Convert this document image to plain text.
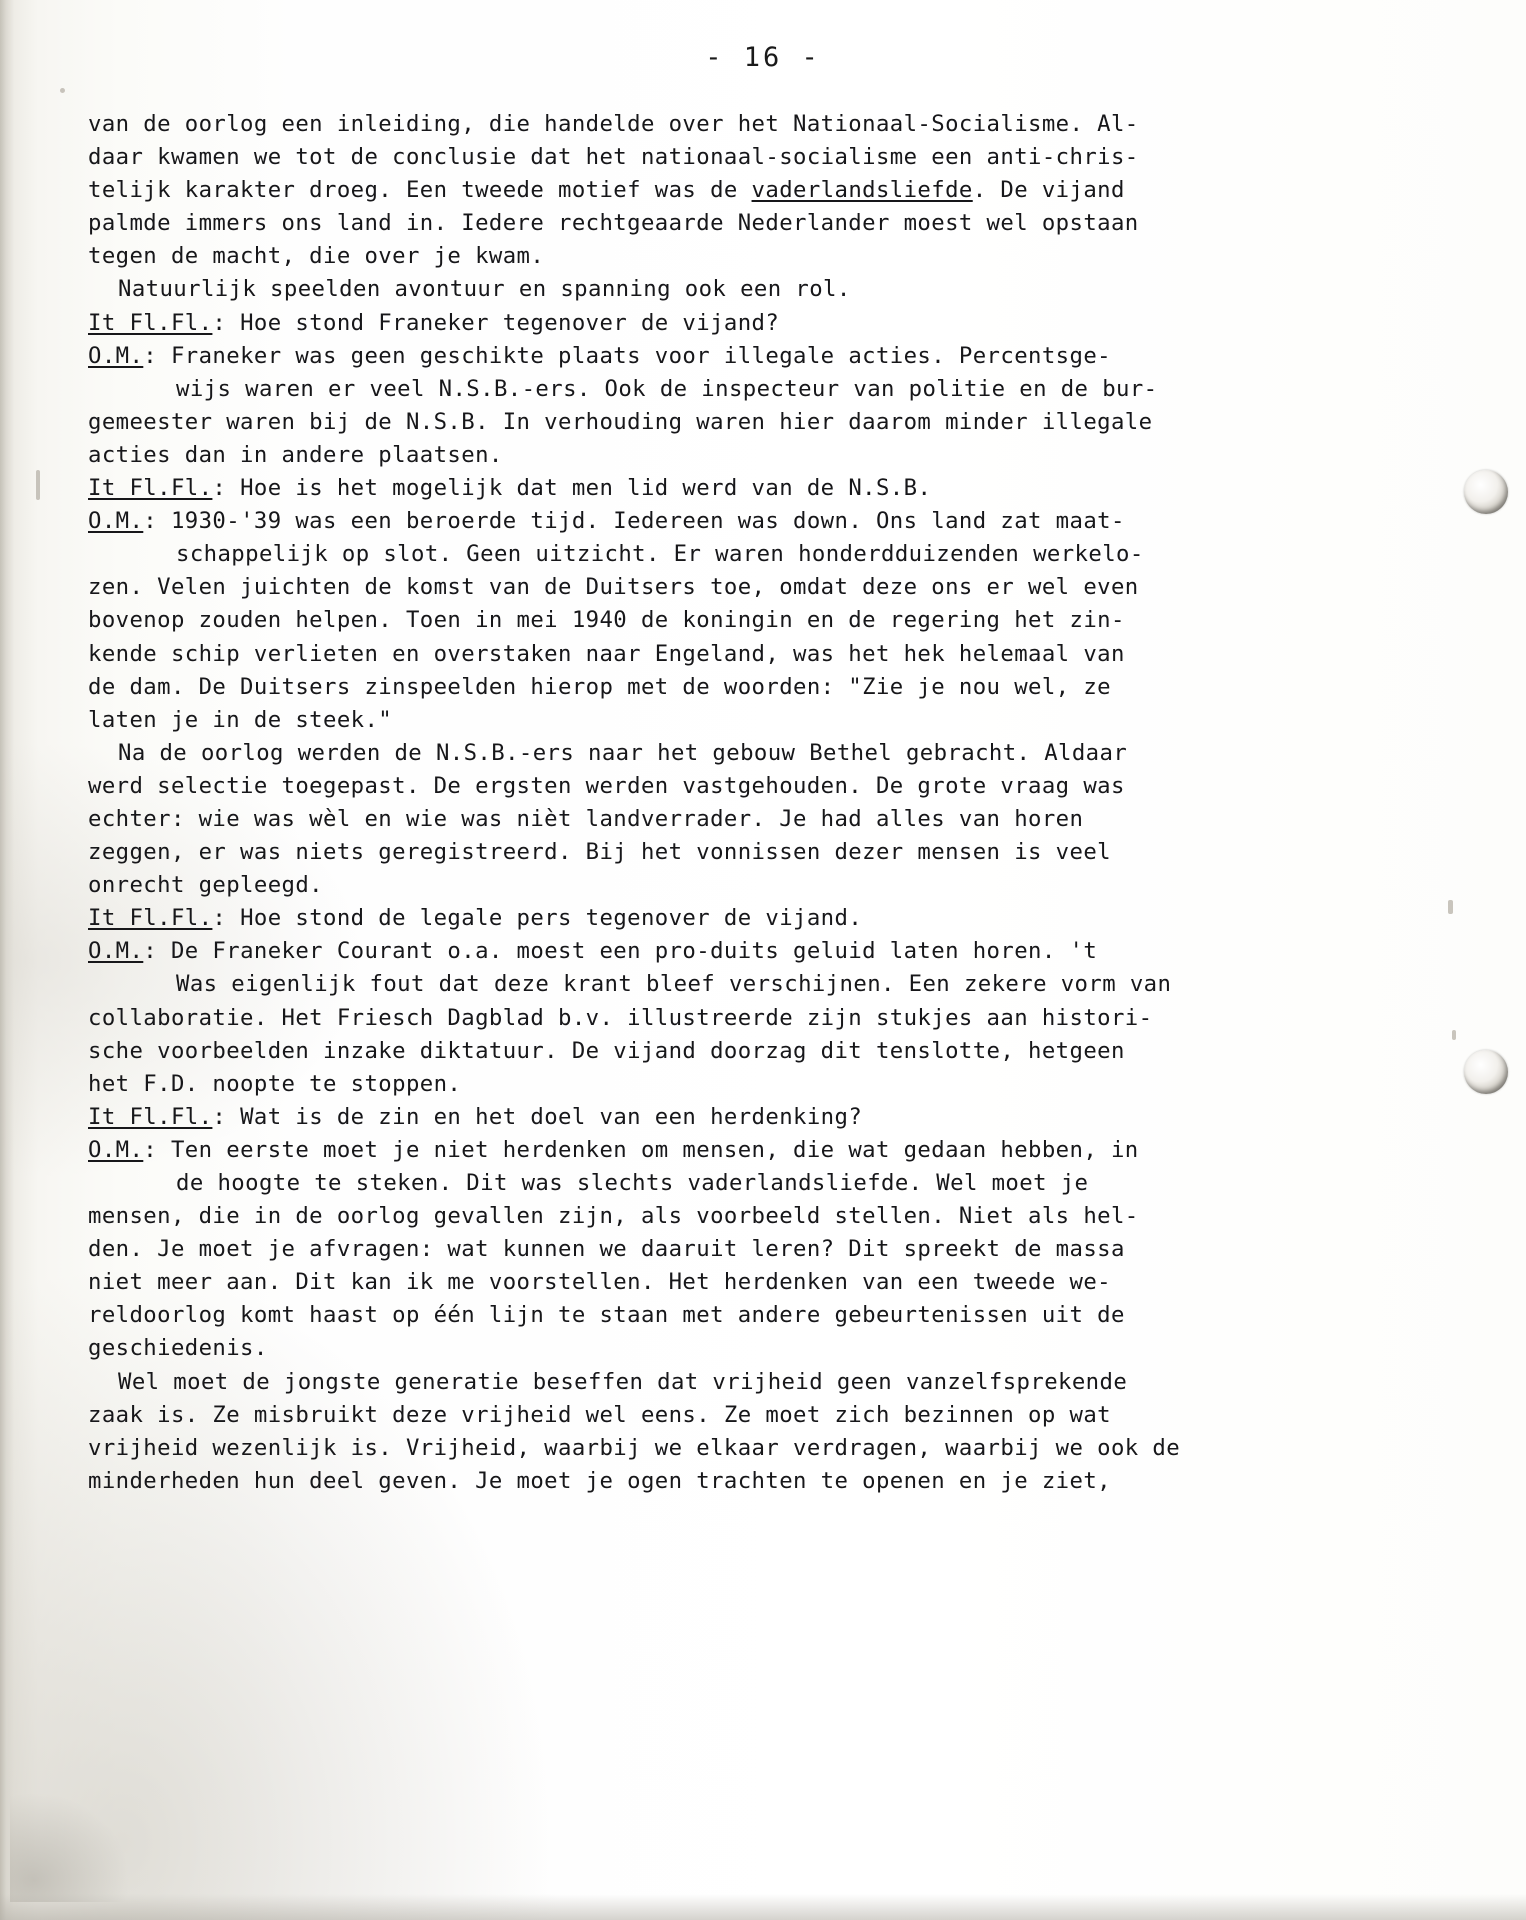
- 16 -
van de oorlog een inleiding, die handelde over het Nationaal-Socialisme. Al-
daar kwamen we tot de conclusie dat het nationaal-socialisme een anti-chris-
telijk karakter droeg. Een tweede motief was de vaderlandsliefde. De vijand
palmde immers ons land in. Iedere rechtgeaarde Nederlander moest wel opstaan
tegen de macht, die over je kwam.
Natuurlijk speelden avontuur en spanning ook een rol.
It Fl.Fl.: Hoe stond Franeker tegenover de vijand?
O.M.: Franeker was geen geschikte plaats voor illegale acties. Percentsge-
wijs waren er veel N.S.B.-ers. Ook de inspecteur van politie en de bur-
gemeester waren bij de N.S.B. In verhouding waren hier daarom minder illegale
acties dan in andere plaatsen.
It Fl.Fl.: Hoe is het mogelijk dat men lid werd van de N.S.B.
O.M.: 1930-'39 was een beroerde tijd. Iedereen was down. Ons land zat maat-
schappelijk op slot. Geen uitzicht. Er waren honderdduizenden werkelo-
zen. Velen juichten de komst van de Duitsers toe, omdat deze ons er wel even
bovenop zouden helpen. Toen in mei 1940 de koningin en de regering het zin-
kende schip verlieten en overstaken naar Engeland, was het hek helemaal van
de dam. De Duitsers zinspeelden hierop met de woorden: "Zie je nou wel, ze
laten je in de steek."
Na de oorlog werden de N.S.B.-ers naar het gebouw Bethel gebracht. Aldaar
werd selectie toegepast. De ergsten werden vastgehouden. De grote vraag was
echter: wie was wèl en wie was nièt landverrader. Je had alles van horen
zeggen, er was niets geregistreerd. Bij het vonnissen dezer mensen is veel
onrecht gepleegd.
It Fl.Fl.: Hoe stond de legale pers tegenover de vijand.
O.M.: De Franeker Courant o.a. moest een pro-duits geluid laten horen. 't
Was eigenlijk fout dat deze krant bleef verschijnen. Een zekere vorm van
collaboratie. Het Friesch Dagblad b.v. illustreerde zijn stukjes aan histori-
sche voorbeelden inzake diktatuur. De vijand doorzag dit tenslotte, hetgeen
het F.D. noopte te stoppen.
It Fl.Fl.: Wat is de zin en het doel van een herdenking?
O.M.: Ten eerste moet je niet herdenken om mensen, die wat gedaan hebben, in
de hoogte te steken. Dit was slechts vaderlandsliefde. Wel moet je
mensen, die in de oorlog gevallen zijn, als voorbeeld stellen. Niet als hel-
den. Je moet je afvragen: wat kunnen we daaruit leren? Dit spreekt de massa
niet meer aan. Dit kan ik me voorstellen. Het herdenken van een tweede we-
reldoorlog komt haast op één lijn te staan met andere gebeurtenissen uit de
geschiedenis.
Wel moet de jongste generatie beseffen dat vrijheid geen vanzelfsprekende
zaak is. Ze misbruikt deze vrijheid wel eens. Ze moet zich bezinnen op wat
vrijheid wezenlijk is. Vrijheid, waarbij we elkaar verdragen, waarbij we ook de
minderheden hun deel geven. Je moet je ogen trachten te openen en je ziet,
